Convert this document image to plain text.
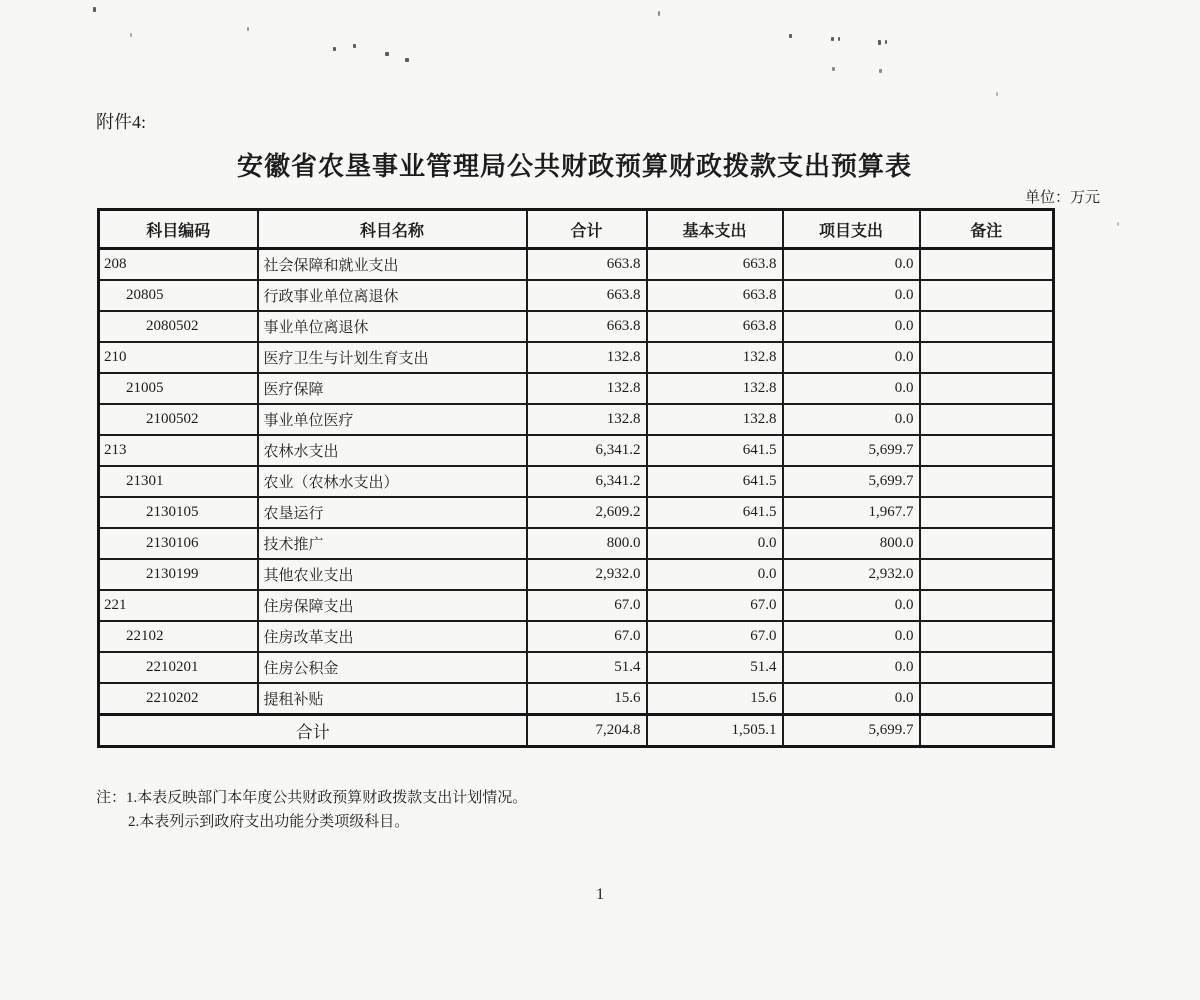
附件4:
安徽省农垦事业管理局公共财政预算财政拨款支出预算表
单位：万元
科目编码	科目名称	合计	基本支出	项目支出	备注
208	社会保障和就业支出	663.8	663.8	0.0	
20805	行政事业单位离退休	663.8	663.8	0.0	
2080502	事业单位离退休	663.8	663.8	0.0	
210	医疗卫生与计划生育支出	132.8	132.8	0.0	
21005	医疗保障	132.8	132.8	0.0	
2100502	事业单位医疗	132.8	132.8	0.0	
213	农林水支出	6,341.2	641.5	5,699.7	
21301	农业（农林水支出）	6,341.2	641.5	5,699.7	
2130105	农垦运行	2,609.2	641.5	1,967.7	
2130106	技术推广	800.0	0.0	800.0	
2130199	其他农业支出	2,932.0	0.0	2,932.0	
221	住房保障支出	67.0	67.0	0.0	
22102	住房改革支出	67.0	67.0	0.0	
2210201	住房公积金	51.4	51.4	0.0	
2210202	提租补贴	15.6	15.6	0.0	
合计		7,204.8	1,505.1	5,699.7	
注：1.本表反映部门本年度公共财政预算财政拨款支出计划情况。
2.本表列示到政府支出功能分类项级科目。
1
